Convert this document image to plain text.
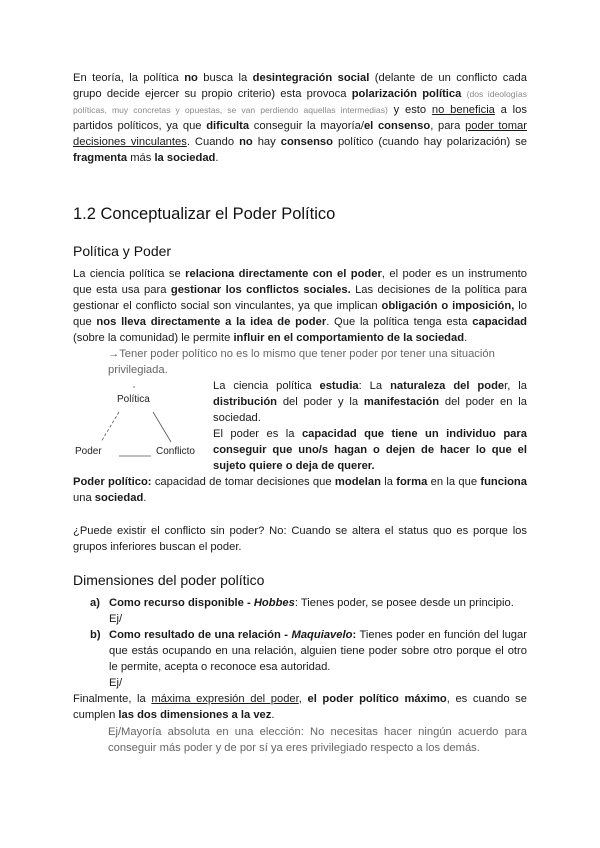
En teoría, la política no busca la desintegración social (delante de un conflicto cada grupo decide ejercer su propio criterio) esta provoca polarización política (dos ideologías políticas, muy concretas y opuestas, se van perdiendo aquellas intermedias) y esto no beneficia a los partidos políticos, ya que dificulta conseguir la mayoría/el consenso, para poder tomar decisiones vinculantes. Cuando no hay consenso político (cuando hay polarización) se fragmenta más la sociedad.

1.2 Conceptualizar el Poder Político
Política y Poder

La ciencia política se relaciona directamente con el poder, el poder es un instrumento que esta usa para gestionar los conflictos sociales. Las decisiones de la política para gestionar el conflicto social son vinculantes, ya que implican obligación o imposición, lo que nos lleva directamente a la idea de poder. Que la política tenga esta capacidad (sobre la comunidad) le permite influir en el comportamiento de la sociedad.

→Tener poder político no es lo mismo que tener poder por tener una situación privilegiada.

Política
Poder	Conflicto

La ciencia política estudia: La naturaleza del poder, la distribución del poder y la manifestación del poder en la sociedad.

El poder es la capacidad que tiene un individuo para conseguir que uno/s hagan o dejen de hacer lo que el sujeto quiere o deja de querer.

Poder político: capacidad de tomar decisiones que modelan la forma en la que funciona una sociedad.

¿Puede existir el conflicto sin poder? No: Cuando se altera el status quo es porque los grupos inferiores buscan el poder.

Dimensiones del poder político
a) Como recurso disponible - Hobbes: Tienes poder, se posee desde un principio.
Ej/
b) Como resultado de una relación - Maquiavelo: Tienes poder en función del lugar que estás ocupando en una relación, alguien tiene poder sobre otro porque el otro le permite, acepta o reconoce esa autoridad.
Ej/

Finalmente, la máxima expresión del poder, el poder político máximo, es cuando se cumplen las dos dimensiones a la vez.

Ej/Mayoría absoluta en una elección: No necesitas hacer ningún acuerdo para conseguir más poder y de por sí ya eres privilegiado respecto a los demás.
